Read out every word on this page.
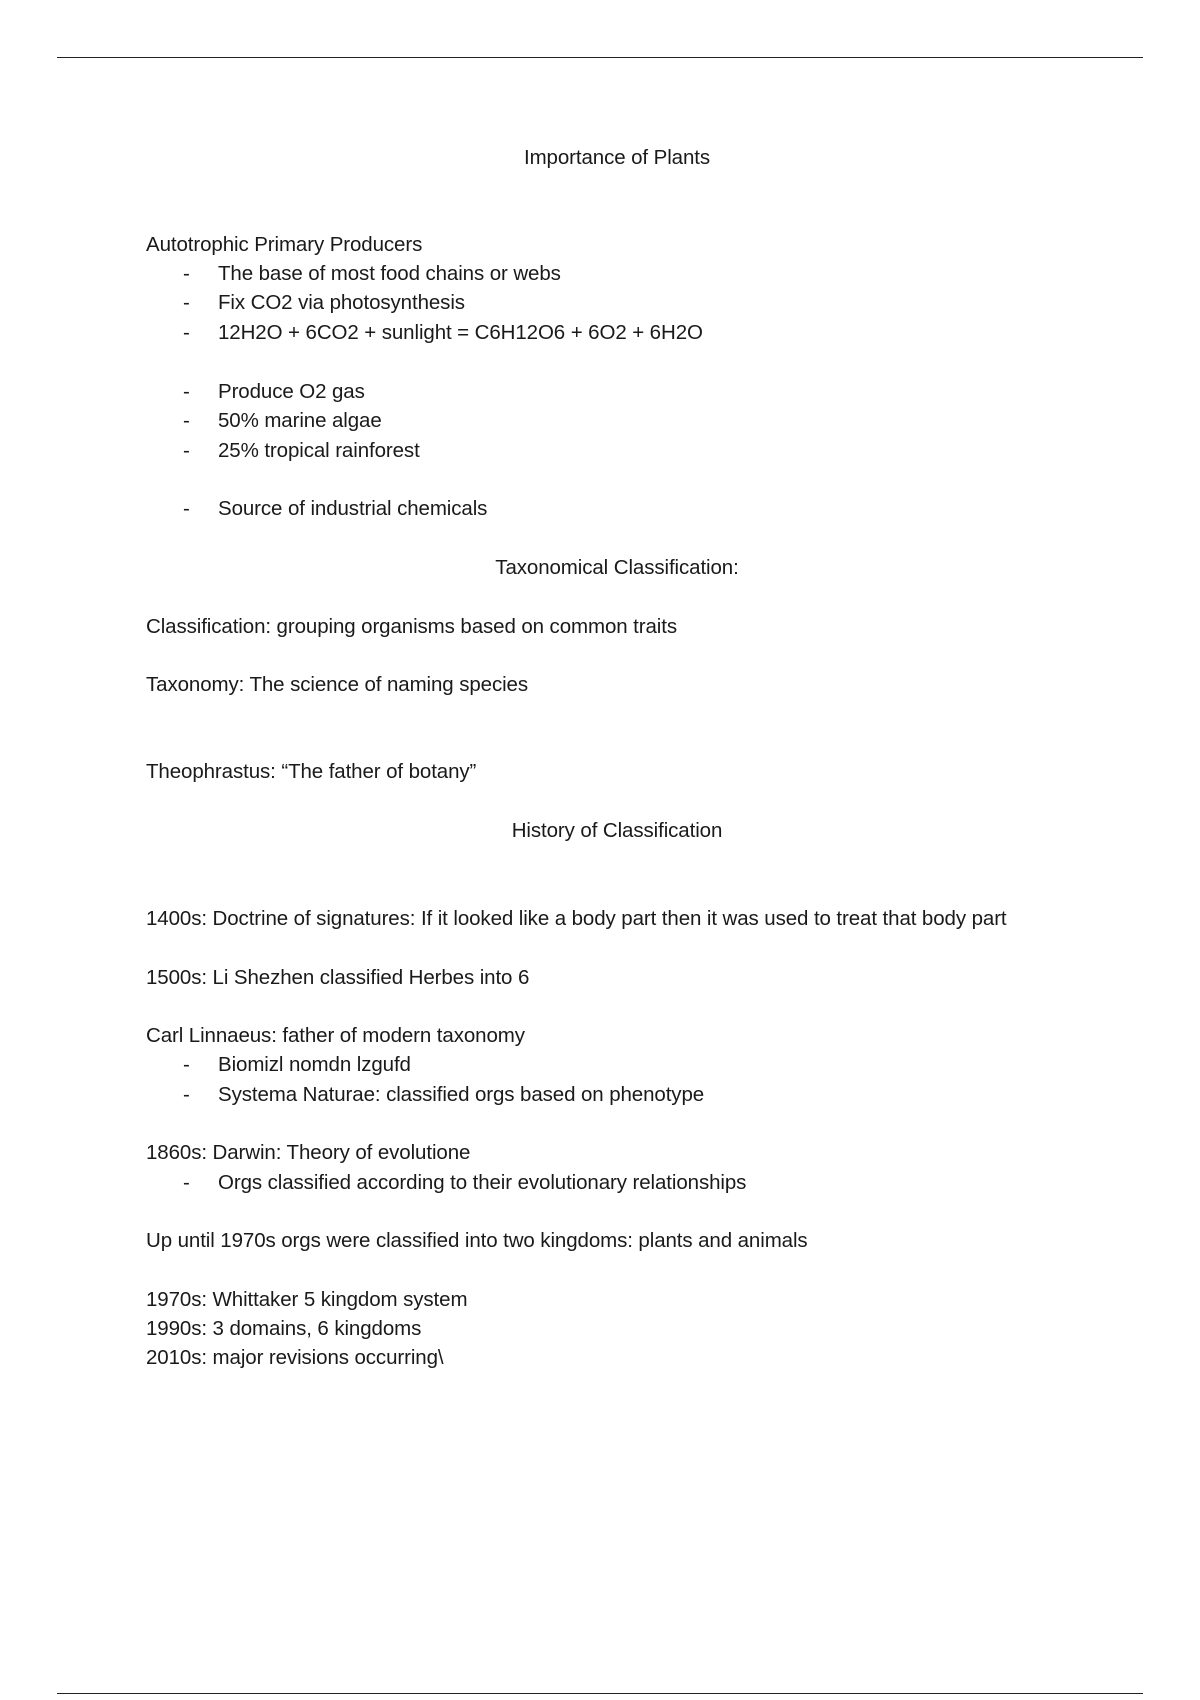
Importance of Plants
Autotrophic Primary Producers
- The base of most food chains or webs
- Fix CO2 via photosynthesis
- 12H2O + 6CO2 + sunlight = C6H12O6 + 6O2 + 6H2O
- Produce O2 gas
- 50% marine algae
- 25% tropical rainforest
- Source of industrial chemicals
Taxonomical Classification:
Classification: grouping organisms based on common traits
Taxonomy: The science of naming species
Theophrastus: “The father of botany”
History of Classification
1400s: Doctrine of signatures: If it looked like a body part then it was used to treat that body part
1500s: Li Shezhen classified Herbes into 6
Carl Linnaeus: father of modern taxonomy
- Biomizl nomdn lzgufd
- Systema Naturae: classified orgs based on phenotype
1860s: Darwin: Theory of evolutione
- Orgs classified according to their evolutionary relationships
Up until 1970s orgs were classified into two kingdoms: plants and animals
1970s: Whittaker 5 kingdom system
1990s: 3 domains, 6 kingdoms
2010s: major revisions occurring\
